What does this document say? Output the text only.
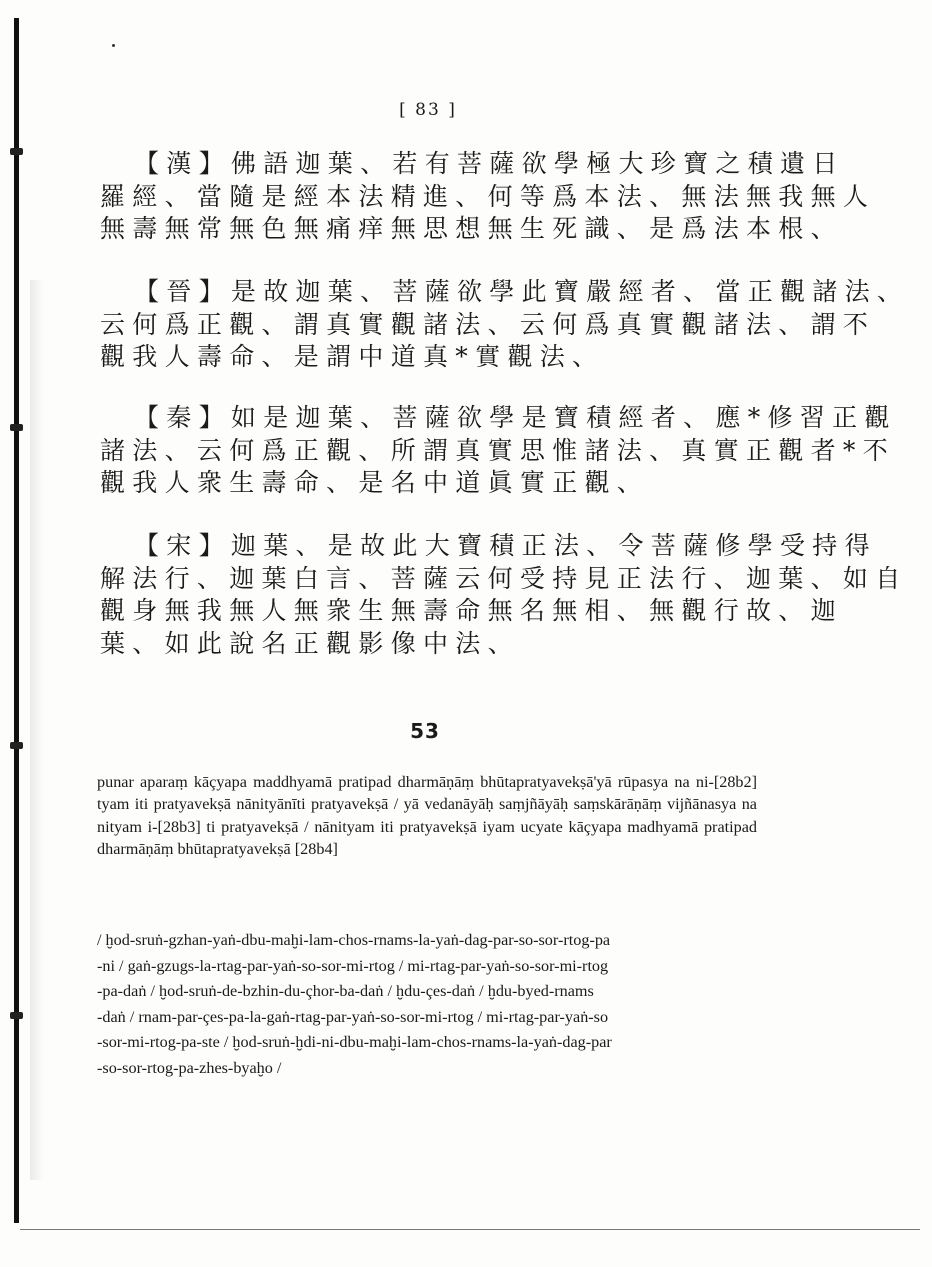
[ 83 ]
【漢】佛語迦葉、若有菩薩欲學極大珍寶之積遺日
羅經、當隨是經本法精進、何等爲本法、無法無我無人
無壽無常無色無痛痒無思想無生死識、是爲法本根、
【晉】是故迦葉、菩薩欲學此寶嚴經者、當正觀諸法、
云何爲正觀、謂真實觀諸法、云何爲真實觀諸法、謂不
觀我人壽命、是謂中道真*實觀法、
【秦】如是迦葉、菩薩欲學是寶積經者、應*修習正觀
諸法、云何爲正觀、所謂真實思惟諸法、真實正觀者*不
觀我人衆生壽命、是名中道眞實正觀、
【宋】迦葉、是故此大寶積正法、令菩薩修學受持得
解法行、迦葉白言、菩薩云何受持見正法行、迦葉、如自
觀身無我無人無衆生無壽命無名無相、無觀行故、迦
葉、如此說名正觀影像中法、
53
punar aparaṃ kāçyapa maddhyamā pratipad dharmāṇāṃ bhūtapratyavekṣā'yā rūpasya na ni-[28b2] tyam iti pratyavekṣā nānityānīti pratyavekṣā / yā vedanāyāḥ saṃjñāyāḥ saṃskārāṇāṃ vijñānasya na nityam i-[28b3] ti pratyavekṣā / nānityam iti pratyavekṣā iyam ucyate kāçyapa madhyamā pratipad dharmāṇāṃ bhūtapratyavekṣā [28b4]
/ ḫod-sruṅ-gzhan-yaṅ-dbu-maḫi-lam-chos-rnams-la-yaṅ-dag-par-so-sor-rtog-pa
-ni / gaṅ-gzugs-la-rtag-par-yaṅ-so-sor-mi-rtog / mi-rtag-par-yaṅ-so-sor-mi-rtog
-pa-daṅ / ḫod-sruṅ-de-bzhin-du-çhor-ba-daṅ / ḫdu-çes-daṅ / ḫdu-byed-rnams
-daṅ / rnam-par-çes-pa-la-gaṅ-rtag-par-yaṅ-so-sor-mi-rtog / mi-rtag-par-yaṅ-so
-sor-mi-rtog-pa-ste / ḫod-sruṅ-ḫdi-ni-dbu-maḫi-lam-chos-rnams-la-yaṅ-dag-par
-so-sor-rtog-pa-zhes-byaḫo /
